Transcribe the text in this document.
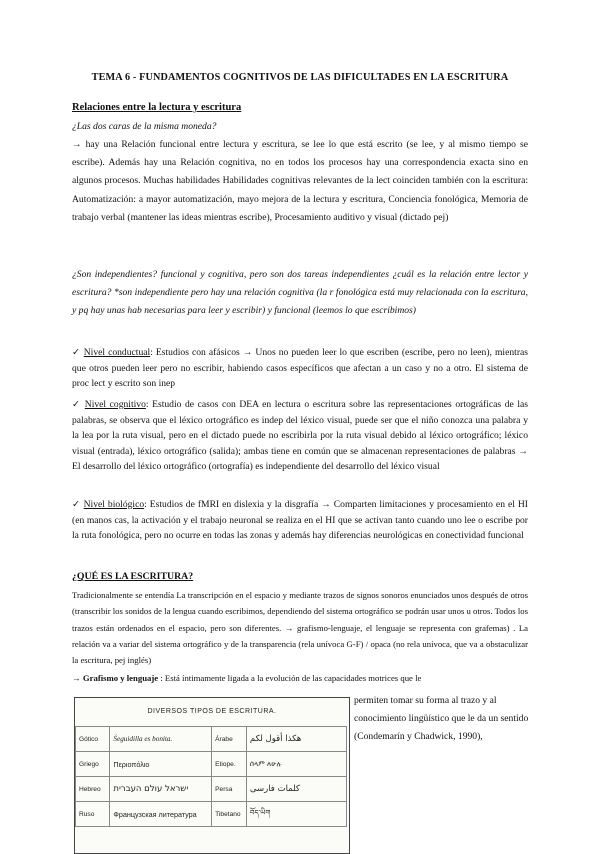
TEMA 6 - FUNDAMENTOS COGNITIVOS DE LAS DIFICULTADES EN LA ESCRITURA
Relaciones entre la lectura y escritura
¿Las dos caras de la misma moneda?
→ hay una Relación funcional entre lectura y escritura, se lee lo que está escrito (se lee, y al mismo tiempo se escribe). Además hay una Relación cognitiva, no en todos los procesos hay una correspondencia exacta sino en algunos procesos. Muchas habilidades Habilidades cognitivas relevantes de la lect coinciden también con la escritura: Automatización: a mayor automatización, mayo mejora de la lectura y escritura, Conciencia fonológica, Memoria de trabajo verbal (mantener las ideas mientras escribe), Procesamiento auditivo y visual (dictado pej)
¿Son independientes? funcional y cognitiva, pero son dos tareas independientes ¿cuál es la relación entre lector y escritura? *son independiente pero hay una relación cognitiva (la r fonológica está muy relacionada con la escritura, y pq hay unas hab necesarias para leer y escribir) y funcional (leemos lo que escribimos)
✓ Nivel conductual: Estudios con afásicos → Unos no pueden leer lo que escriben (escribe, pero no leen), mientras que otros pueden leer pero no escribir, habiendo casos específicos que afectan a un caso y no a otro. El sistema de proc lect y escrito son inep
✓ Nivel cognitivo: Estudio de casos con DEA en lectura o escritura sobre las representaciones ortográficas de las palabras, se observa que el léxico ortográfico es indep del léxico visual, puede ser que el niño conozca una palabra y la lea por la ruta visual, pero en el dictado puede no escribirla por la ruta visual debido al léxico ortográfico; léxico visual (entrada), léxico ortográfico (salida); ambas tiene en común que se almacenan representaciones de palabras → El desarrollo del léxico ortográfico (ortografía) es independiente del desarrollo del léxico visual
✓ Nivel biológico: Estudios de fMRI en dislexia y la disgrafía → Comparten limitaciones y procesamiento en el HI (en manos cas, la activación y el trabajo neuronal se realiza en el HI que se activan tanto cuando uno lee o escribe por la ruta fonológica, pero no ocurre en todas las zonas y además hay diferencias neurológicas en conectividad funcional
¿QUÉ ES LA ESCRITURA?
Tradicionalmente se entendía La transcripción en el espacio y mediante trazos de signos sonoros enunciados unos después de otros (transcribir los sonidos de la lengua cuando escribimos, dependiendo del sistema ortográfico se podrán usar unos u otros. Todos los trazos están ordenados en el espacio, pero son diferentes. → grafismo-lenguaje, el lenguaje se representa con grafemas) . La relación va a variar del sistema ortográfico y de la transparencia (rela unívoca G-F) / opaca (no rela unívoca, que va a obstaculizar la escritura, pej inglés)
→ Grafismo y lenguaje : Está íntimamente ligada a la evolución de las capacidades motrices que le
DIVERSOS TIPOS DE ESCRITURA.
Gótico	Śeguidilla es bonita.	Árabe	هكذا أقول لكم
Griego	Περιοπόλιο	Etiope.	ሰላም ለሁሉ
Hebreo	ישראל עולם העברית	Persa	کلمات فارسی
Ruso	Французская литература	Tibetano	བོད་ཡིག
permiten tomar su forma al trazo y al conocimiento lingüístico que le da un sentido (Condemarín y Chadwick, 1990),
